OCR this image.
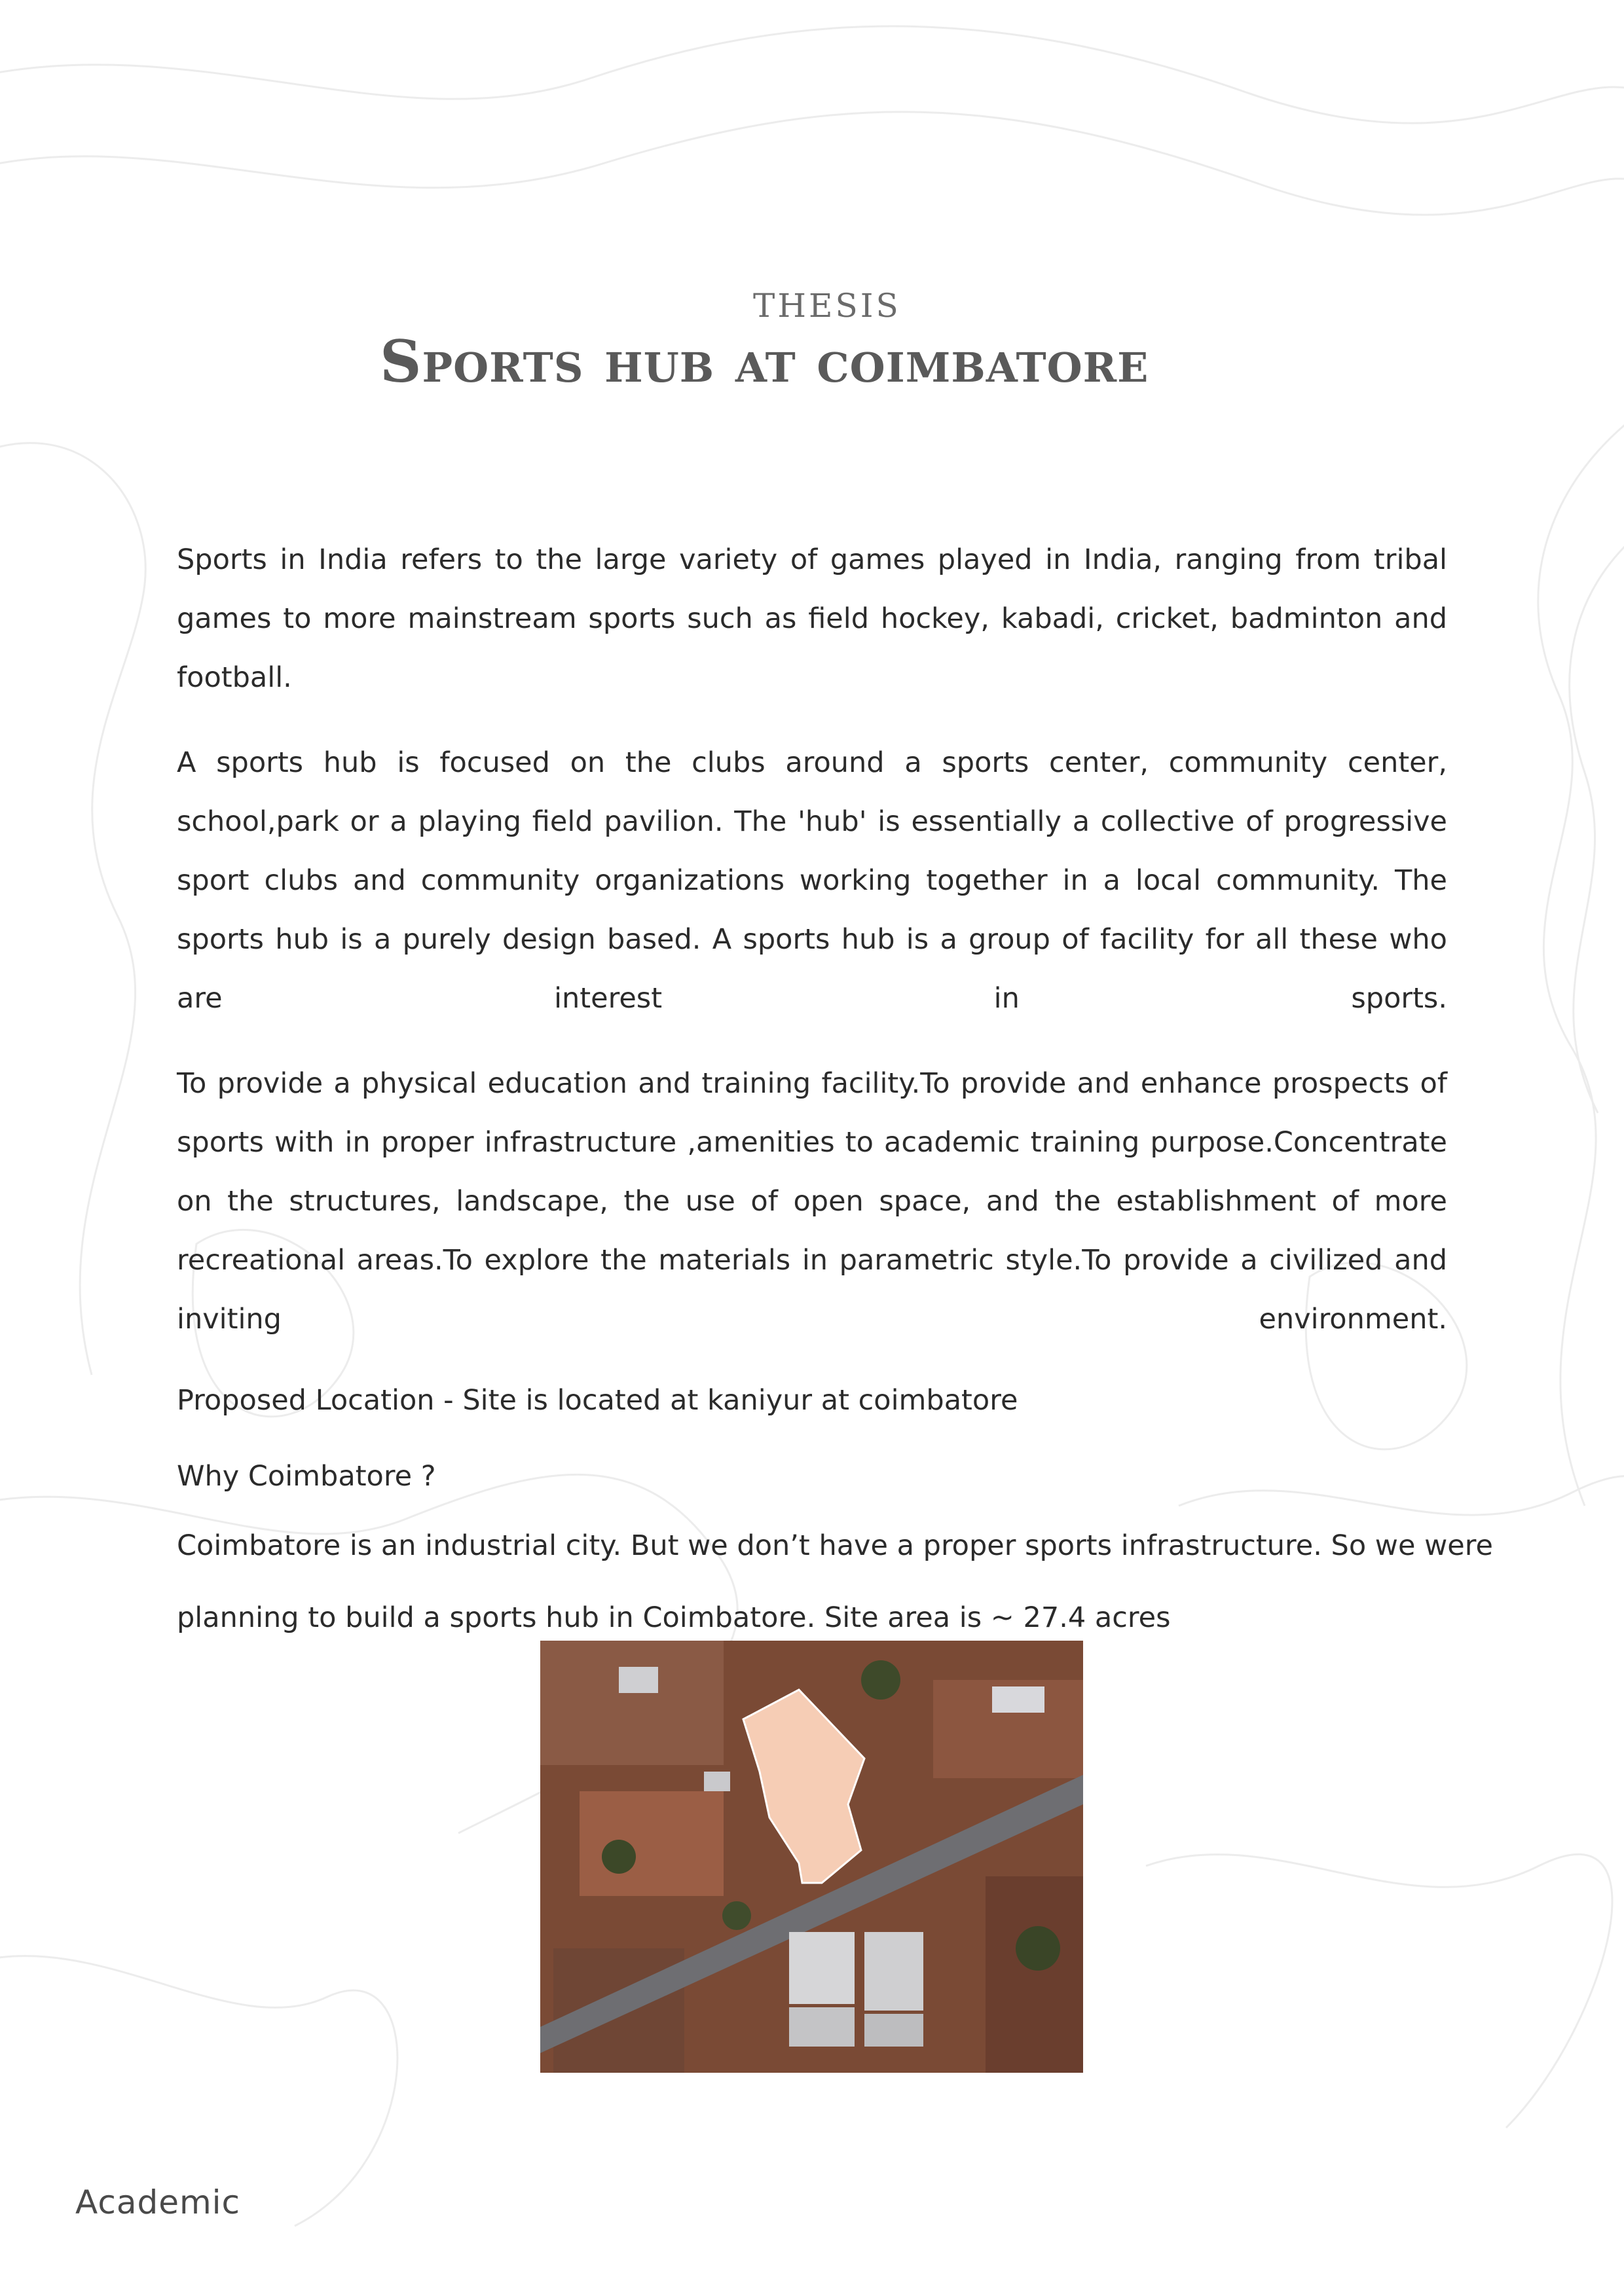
THESIS
Sports hub at coimbatore

Sports in India refers to the large variety of games played in India, ranging from tribal games to more mainstream sports such as field hockey, kabadi, cricket, badminton and football.

A sports hub is focused on the clubs around a sports center, community center, school,park or a playing field pavilion. The 'hub' is essentially a collective of progressive sport clubs and community organizations working together in a local community. The sports hub is a purely design based. A sports hub is a group of facility for all these who are interest in sports.

To provide a physical education and training facility.To provide and enhance prospects of sports with in proper infrastructure ,amenities to academic training purpose.Concentrate on the structures, landscape, the use of open space, and the establishment of more recreational areas.To explore the materials in parametric style.To provide a civilized and inviting environment.

Proposed Location - Site is located at kaniyur at coimbatore

Why Coimbatore ?

Coimbatore is an industrial city. But we don’t have a proper sports infrastructure. So we were

planning to build a sports hub in Coimbatore. Site area is ~ 27.4 acres

Academic
